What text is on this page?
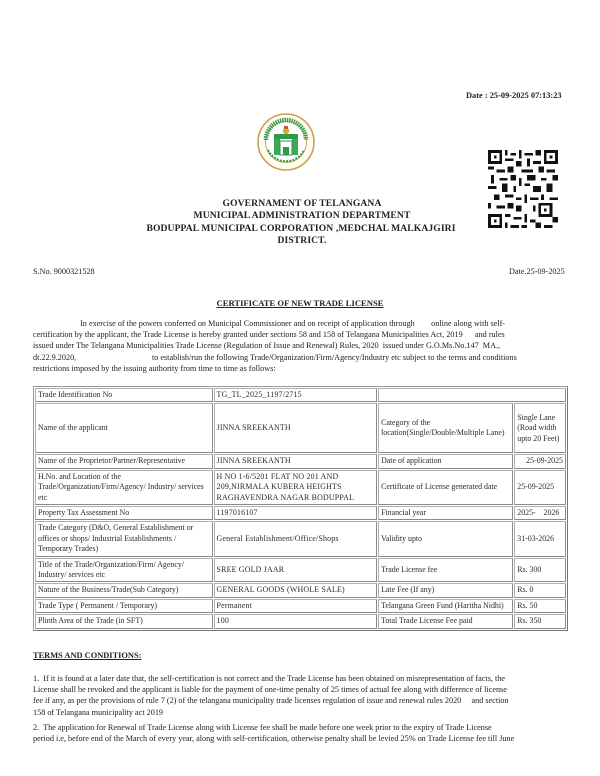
Date : 25-09-2025 07:13:23
GOVERNAMENT OF TELANGANA
MUNICIPAL ADMINISTRATION DEPARTMENT
BODUPPAL MUNICIPAL CORPORATION ,MEDCHAL MALKAJGIRI
DISTRICT.
S.No. 9000321528	Date.25-09-2025
CERTIFICATE OF NEW TRADE LICENSE
In exercise of the powers conferred on Municipal Commissioner and on receipt of application through        online along with self-
certification by the applicant, the Trade License is hereby granted under sections 58 and 158 of Telangana Municipalities Act, 2019      and rules
issued under The Telangana Municipalities Trade License (Regulation of Issue and Renewal) Rules, 2020  issued under G.O.Ms.No.147  MA.,
dt.22.9.2020,                                     to establish/run the following Trade/Organization/Firm/Agency/Industry etc subject to the terms and conditions
restrictions imposed by the issuing authority from time to time as follows:
Trade Identification No	TG_TL_2025_1197/2715		
Name of the applicant	JINNA SREEKANTH	Category of the location(Single/Double/Multiple Lane)	Single Lane (Road width upto 20 Feet)
Name of the Proprietor/Partner/Representative	JINNA SREEKANTH	Date of application	25-09-2025
H.No. and Location of the Trade/Organization/Firm/Agency/ Industry/ services etc	H NO 1-6/5201 FLAT NO 201 AND 209,NIRMALA KUBERA HEIGHTS RAGHAVENDRA NAGAR BODUPPAL	Certificate of License generated date	25-09-2025
Property Tax Assessment No	1197016107	Financial year	2025-    2026
Trade Category (D&O, General Establishment or offices or shops/ Industrial Establishments / Temporary Trades)	General Establishment/Office/Shops	Validity upto	31-03-2026
Title of the Trade/Organization/Firm/ Agency/ Industry/ services etc	SREE GOLD JAAR	Trade License fee	Rs. 300
Nature of the Business/Trade(Sub Category)	GENERAL GOODS (WHOLE SALE)	Late Fee (If any)	Rs. 0
Trade Type ( Permanent / Temporary)	Permanent	Telangana Green Fund (Haritha Nidhi)	Rs. 50
Plinth Area of the Trade (in SFT)	100	Total Trade License Fee paid	Rs. 350
TERMS AND CONDITIONS:

1.  If it is found at a later date that, the self-certification is not correct and the Trade License has been obtained on misrepresentation of facts, the
License shall be revoked and the applicant is liable for the payment of one-time penalty of 25 times of actual fee along with difference of license
fee if any, as per the provisions of rule 7 (2) of the telangana municipality trade licenses regulation of issue and renewal rules 2020     and section
158 of Telangana municipality act 2019

2.  The application for Renewal of Trade License along with License fee shall be made before one week prior to the expiry of Trade License
period i.e, before end of the March of every year, along with self-certification, otherwise penalty shall be levied 25% on Trade License fee till June
